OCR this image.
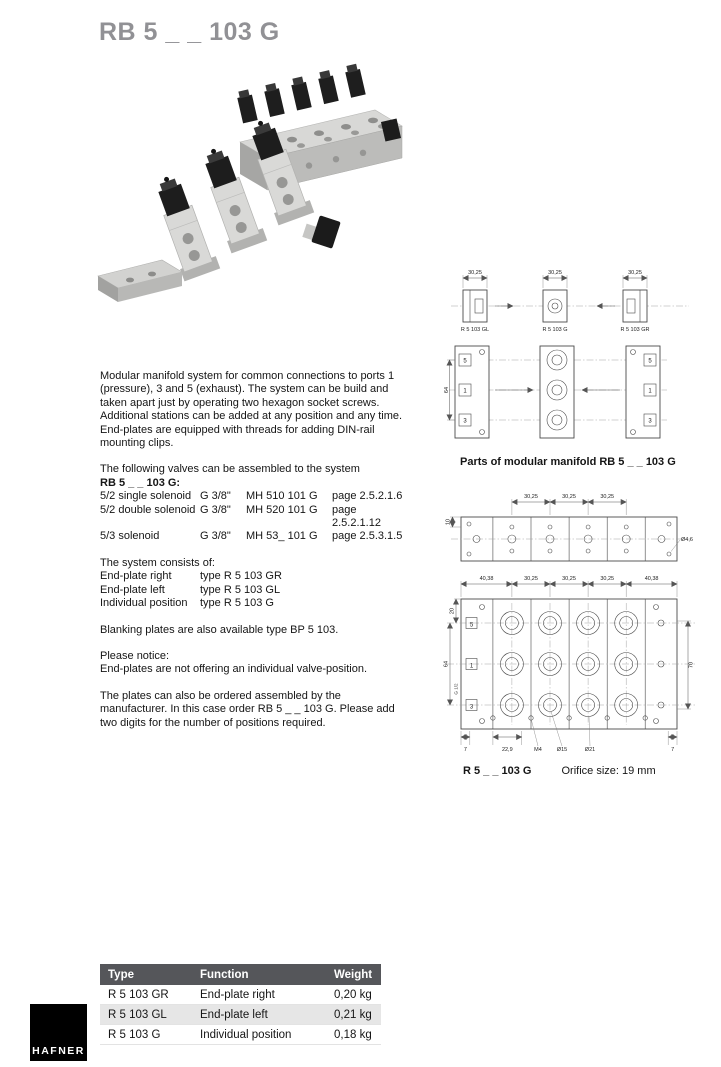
RB 5 _ _ 103 G

Modular manifold system for common connections to ports 1 (pressure), 3 and 5 (exhaust). The system can be build and taken apart just by operating two hexagon socket screws. Additional stations can be added at any position and any time. End-plates are equipped with threads for adding DIN-rail mounting clips.

The following valves can be assembled to the system
RB 5 _ _ 103 G:
5/2 single solenoid G 3/8"	MH 510 101 G	page 2.5.2.1.6
5/2 double solenoid G 3/8"	MH 520 101 G	page 2.5.2.1.12
5/3 solenoid	G 3/8"	MH 53_ 101 G	page 2.5.3.1.5
The system consists of:
End-plate right	type R 5 103 GR
End-plate left	type R 5 103 GL
Individual position	type R 5 103 G

Blanking plates are also available type BP 5 103.

Please notice:
End-plates are not offering an individual valve-position.

The plates can also be ordered assembled by the manufacturer. In this case order RB 5 _ _ 103 G. Please add two digits for the number of positions required.

30,25
R 5 103 GL
30,25
R 5 103 G
30,25
R 5 103 GR
5
1
3
5
1
3
64
Parts of modular manifold RB 5 _ _ 103 G
30,25	30,25	30,25
10
Ø4,6
40,38	30,25	30,25	30,25	40,38
5
1
3
20
64
G 1/2
70
7	22,9	M4	Ø15	Ø21	7
R 5 _ _ 103 G	Orifice size: 19 mm
Type	Function	Weight
R 5 103 GR	End-plate right	0,20 kg
R 5 103 GL	End-plate left	0,21 kg
R 5 103 G	Individual position	0,18 kg
HAFNER
